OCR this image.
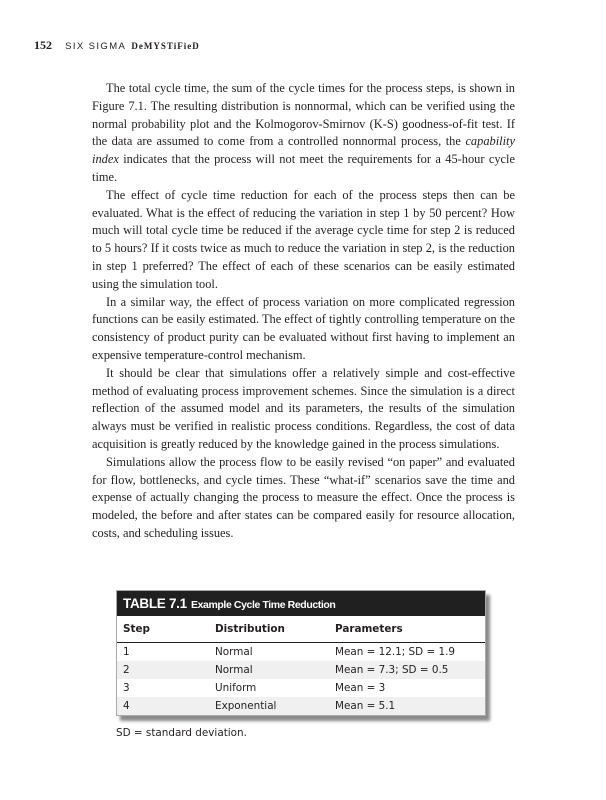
152 SIX SIGMA DeMYSTiFieD

The total cycle time, the sum of the cycle times for the process steps, is shown in Figure 7.1. The resulting distribution is nonnormal, which can be verified using the normal probability plot and the Kolmogorov-Smirnov (K-S) goodness-of-fit test. If the data are assumed to come from a controlled nonnormal process, the capability index indicates that the process will not meet the requirements for a 45-hour cycle time.

The effect of cycle time reduction for each of the process steps then can be evaluated. What is the effect of reducing the variation in step 1 by 50 percent? How much will total cycle time be reduced if the average cycle time for step 2 is reduced to 5 hours? If it costs twice as much to reduce the variation in step 2, is the reduction in step 1 preferred? The effect of each of these scenarios can be easily estimated using the simulation tool.

In a similar way, the effect of process variation on more complicated regression functions can be easily estimated. The effect of tightly controlling temperature on the consistency of product purity can be evaluated without first having to implement an expensive temperature-control mechanism.

It should be clear that simulations offer a relatively simple and cost-effective method of evaluating process improvement schemes. Since the simulation is a direct reflection of the assumed model and its parameters, the results of the simulation always must be verified in realistic process conditions. Regardless, the cost of data acquisition is greatly reduced by the knowledge gained in the process simulations.

Simulations allow the process flow to be easily revised “on paper” and evaluated for flow, bottlenecks, and cycle times. These “what-if” scenarios save the time and expense of actually changing the process to measure the effect. Once the process is modeled, the before and after states can be compared easily for resource allocation, costs, and scheduling issues.

TABLE 7.1 Example Cycle Time Reduction
Step	Distribution	Parameters
1	Normal	Mean = 12.1; SD = 1.9
2	Normal	Mean = 7.3; SD = 0.5
3	Uniform	Mean = 3
4	Exponential	Mean = 5.1
SD = standard deviation.
